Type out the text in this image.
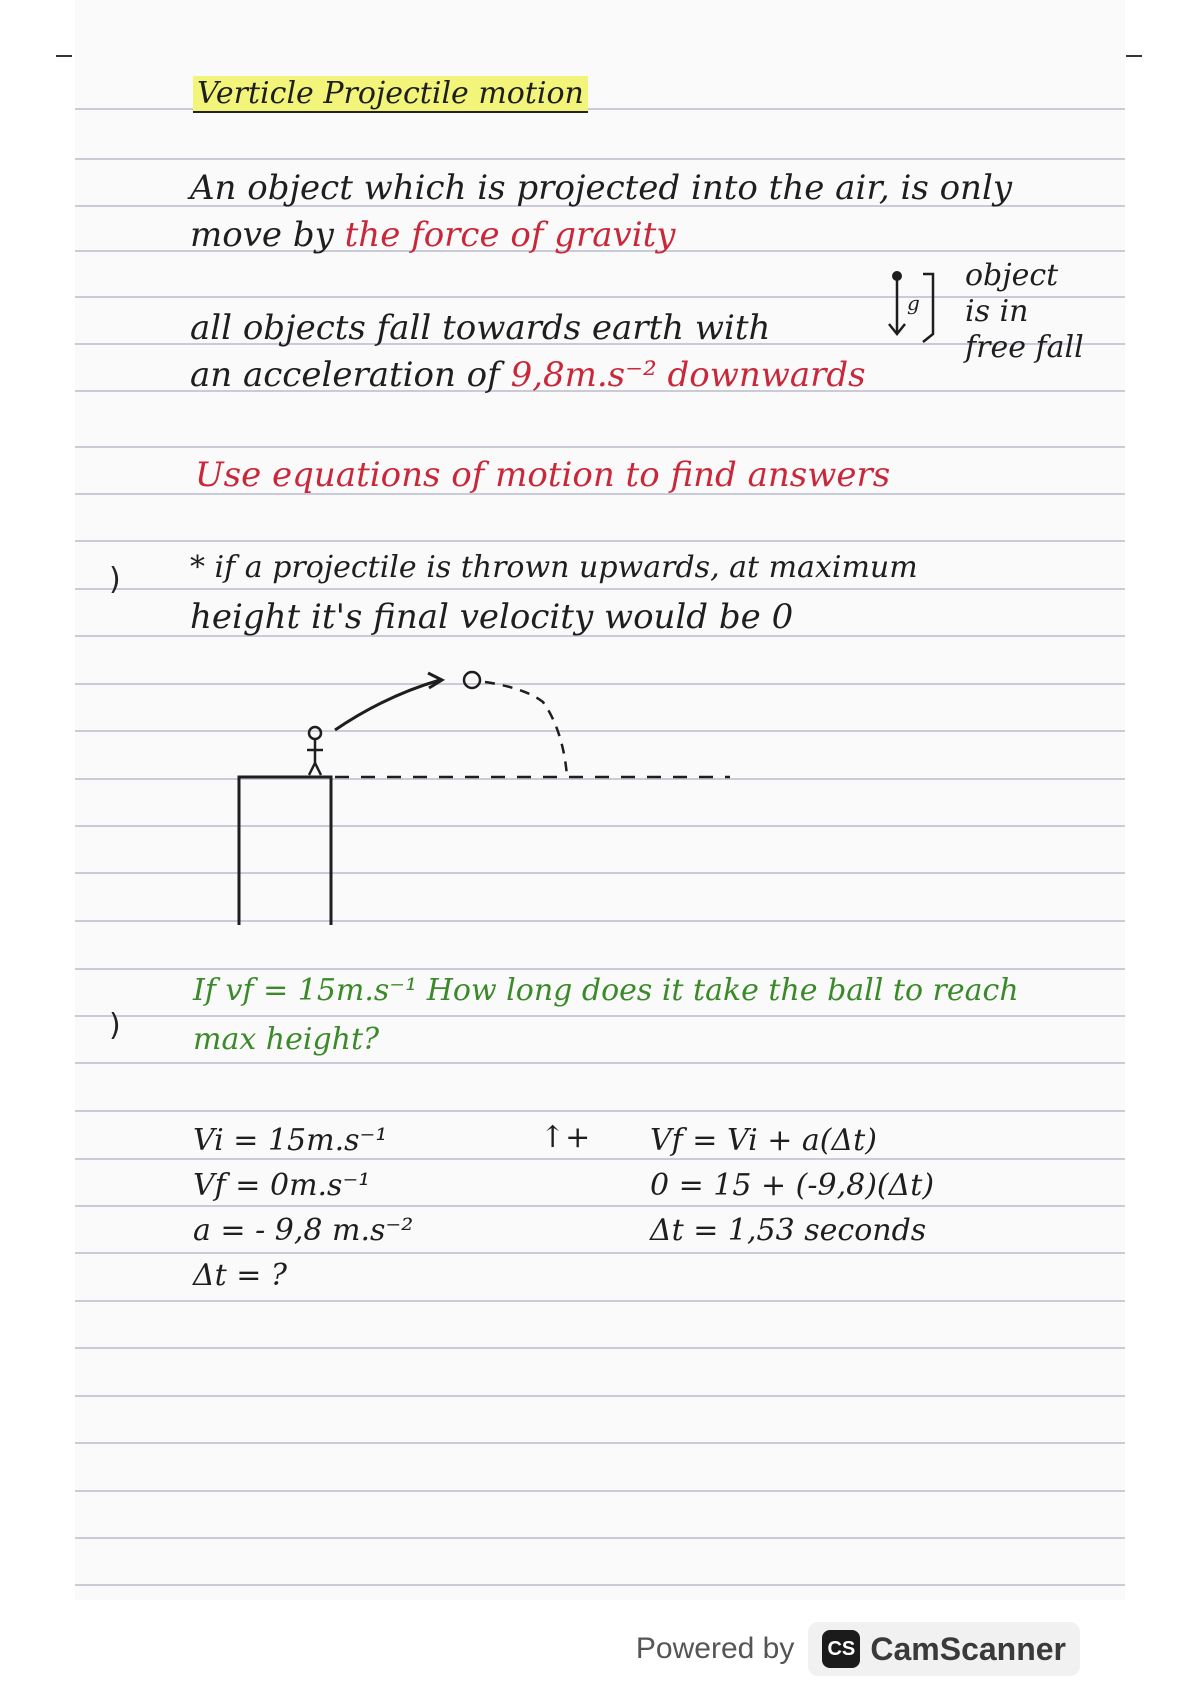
Verticle Projectile motion
An object which is projected into the air, is only
move by the force of gravity
all objects fall towards earth with
an acceleration of 9,8m.s⁻² downwards
g
object
is in
free fall
Use equations of motion to find answers
) * if a projectile is thrown upwards, at maximum
height it's final velocity would be 0
)
If vf = 15m.s⁻¹ How long does it take the ball to reach
max height?
Vi = 15m.s⁻¹
Vf = 0m.s⁻¹
a = - 9,8 m.s⁻²
Δt = ?
↑+ Vf = Vi + a(Δt)
0 = 15 + (-9,8)(Δt)
Δt = 1,53 seconds
Powered by CS CamScanner
